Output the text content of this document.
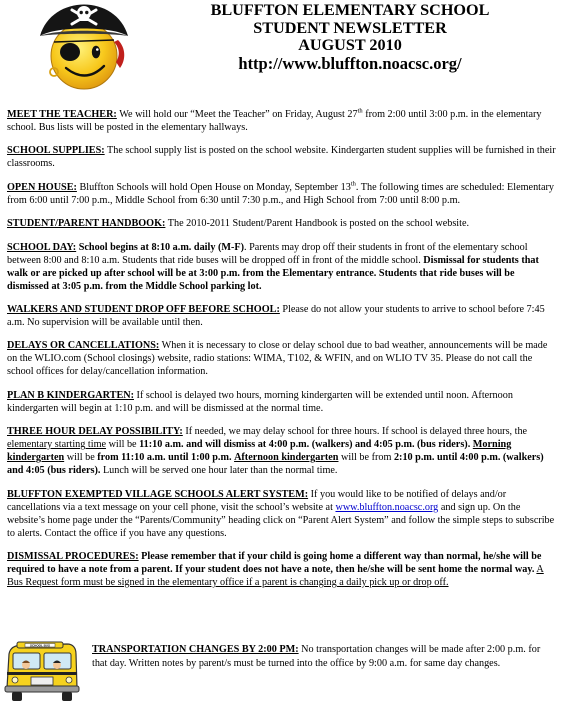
BLUFFTON ELEMENTARY SCHOOL
STUDENT NEWSLETTER
AUGUST 2010
http://www.bluffton.noacsc.org/

MEET THE TEACHER: We will hold our “Meet the Teacher” on Friday, August 27th from 2:00 until 3:00 p.m. in the elementary school. Bus lists will be posted in the elementary hallways.

SCHOOL SUPPLIES: The school supply list is posted on the school website. Kindergarten student supplies will be furnished in their classrooms.

OPEN HOUSE: Bluffton Schools will hold Open House on Monday, September 13th. The following times are scheduled: Elementary from 6:00 until 7:00 p.m., Middle School from 6:30 until 7:30 p.m., and High School from 7:00 until 8:00 p.m.

STUDENT/PARENT HANDBOOK: The 2010-2011 Student/Parent Handbook is posted on the school website.

SCHOOL DAY: School begins at 8:10 a.m. daily (M-F). Parents may drop off their students in front of the elementary school between 8:00 and 8:10 a.m. Students that ride buses will be dropped off in front of the middle school. Dismissal for students that walk or are picked up after school will be at 3:00 p.m. from the Elementary entrance. Students that ride buses will be dismissed at 3:05 p.m. from the Middle School parking lot.

WALKERS AND STUDENT DROP OFF BEFORE SCHOOL: Please do not allow your students to arrive to school before 7:45 a.m. No supervision will be available until then.

DELAYS OR CANCELLATIONS: When it is necessary to close or delay school due to bad weather, announcements will be made on the WLIO.com (School closings) website, radio stations: WIMA, T102, & WFIN, and on WLIO TV 35. Please do not call the school offices for delay/cancellation information.

PLAN B KINDERGARTEN: If school is delayed two hours, morning kindergarten will be extended until noon. Afternoon kindergarten will begin at 1:10 p.m. and will be dismissed at the normal time.

THREE HOUR DELAY POSSIBILITY: If needed, we may delay school for three hours. If school is delayed three hours, the elementary starting time will be 11:10 a.m. and will dismiss at 4:00 p.m. (walkers) and 4:05 p.m. (bus riders). Morning kindergarten will be from 11:10 a.m. until 1:00 p.m. Afternoon kindergarten will be from 2:10 p.m. until 4:00 p.m. (walkers) and 4:05 (bus riders). Lunch will be served one hour later than the normal time.

BLUFFTON EXEMPTED VILLAGE SCHOOLS ALERT SYSTEM: If you would like to be notified of delays and/or cancellations via a text message on your cell phone, visit the school’s website at www.bluffton.noacsc.org and sign up. On the website’s home page under the “Parents/Community” heading click on “Parent Alert System” and follow the simple steps to subscribe to alerts. Contact the office if you have any questions.

DISMISSAL PROCEDURES: Please remember that if your child is going home a different way than normal, he/she will be required to have a note from a parent. If your student does not have a note, then he/she will be sent home the normal way. A Bus Request form must be signed in the elementary office if a parent is changing a daily pick up or drop off.

SCHOOL BUS	TRANSPORTATION CHANGES BY 2:00 PM: No transportation changes will be made after 2:00 p.m. for that day. Written notes by parent/s must be turned into the office by 9:00 a.m. for same day changes.
